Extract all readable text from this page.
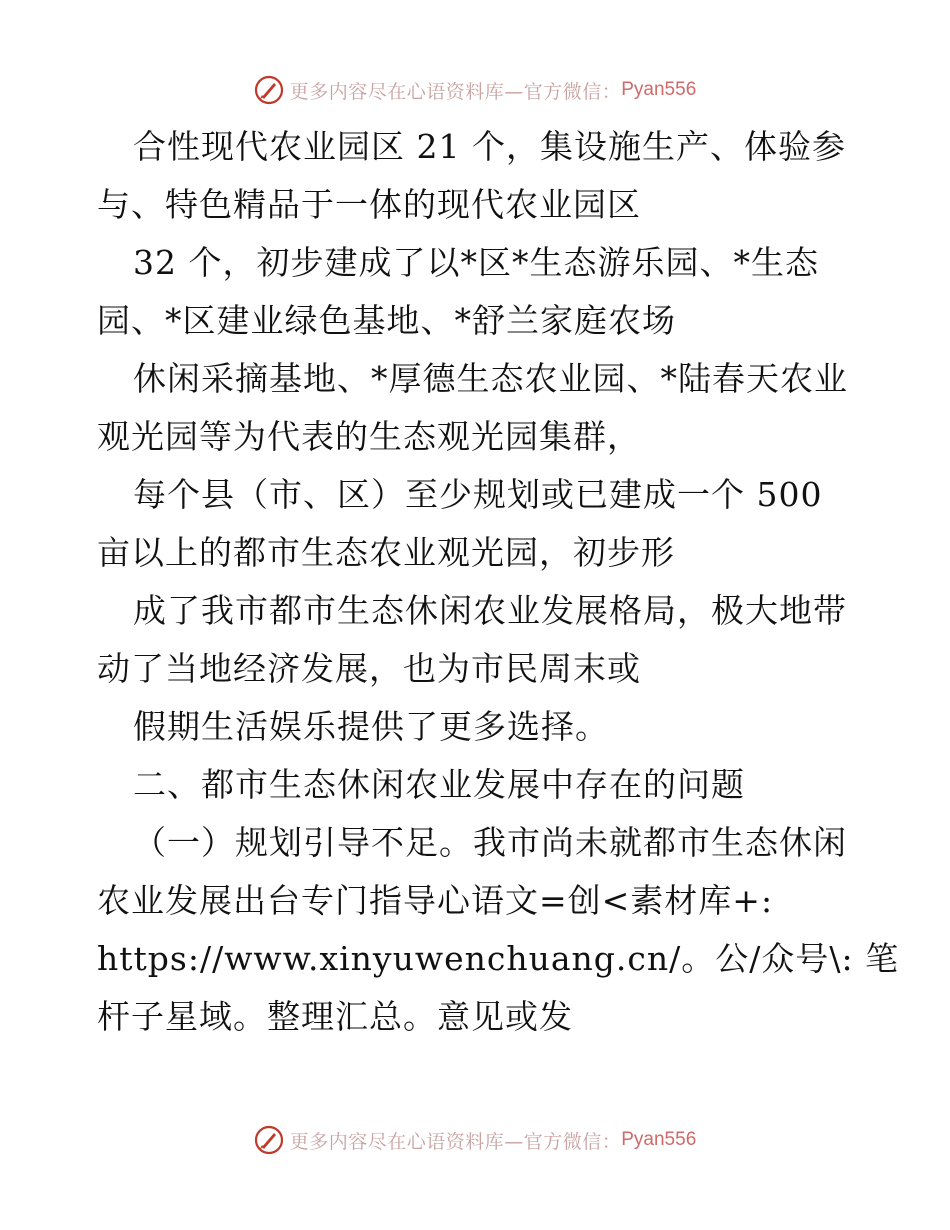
更多内容尽在心语资料库—官方微信： Pyan556
合性现代农业园区 21 个，集设施生产、体验参
与、特色精品于一体的现代农业园区
32 个，初步建成了以*区*生态游乐园、*生态
园、*区建业绿色基地、*舒兰家庭农场
休闲采摘基地、*厚德生态农业园、*陆春天农业
观光园等为代表的生态观光园集群，
每个县（市、区）至少规划或已建成一个 500
亩以上的都市生态农业观光园，初步形
成了我市都市生态休闲农业发展格局，极大地带
动了当地经济发展，也为市民周末或
假期生活娱乐提供了更多选择。
二、都市生态休闲农业发展中存在的问题
（一）规划引导不足。我市尚未就都市生态休闲
农业发展出台专门指导心语文=创<素材库+:
https://www.xinyuwenchuang.cn/。公/众号\: 笔
杆子星域。整理汇总。意见或发
更多内容尽在心语资料库—官方微信： Pyan556
